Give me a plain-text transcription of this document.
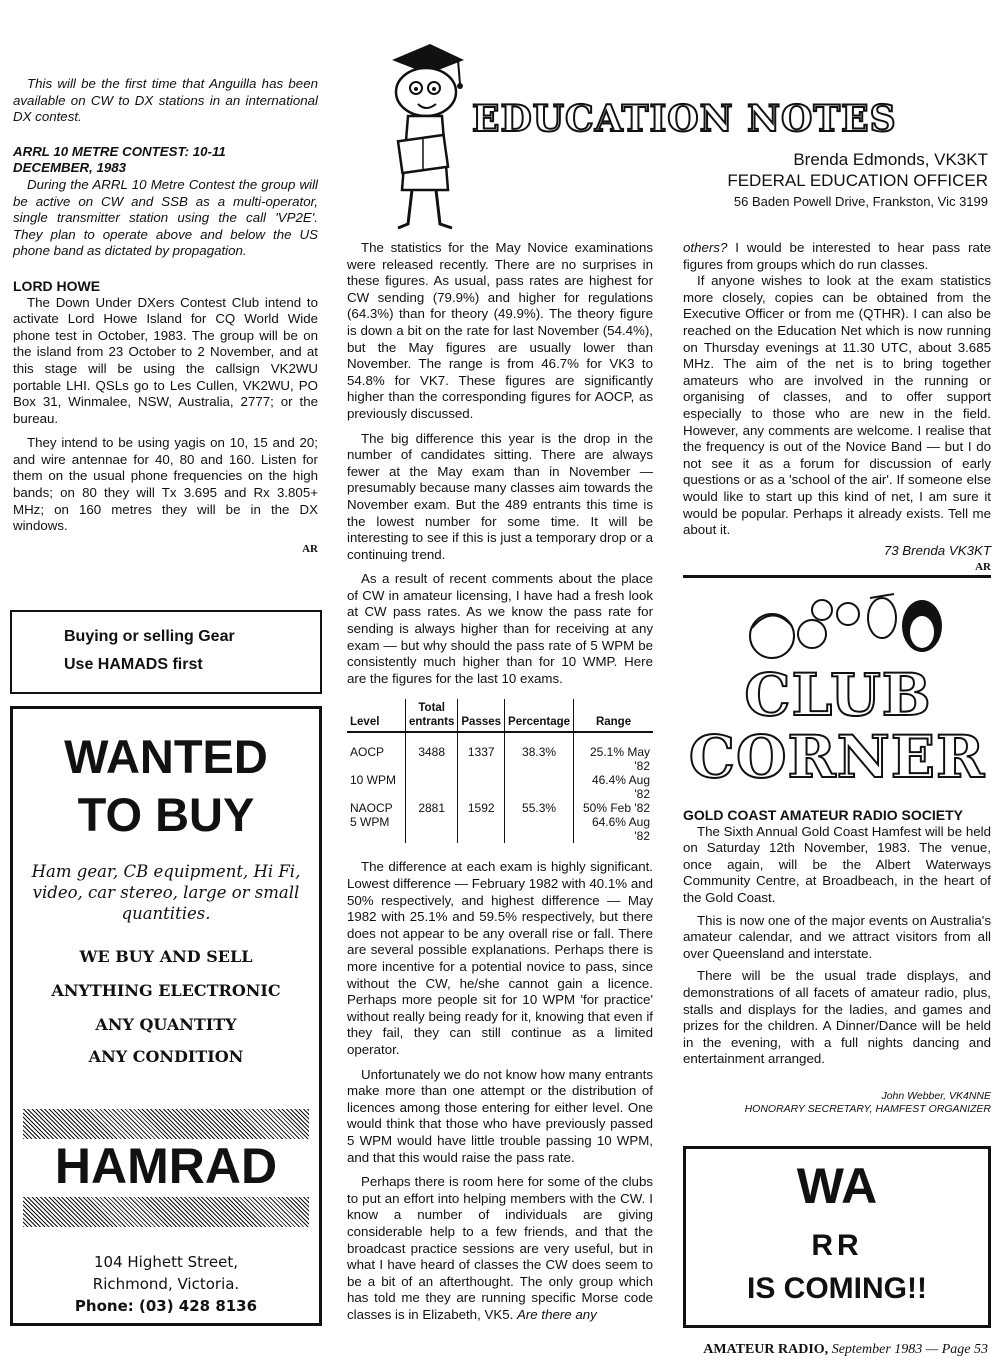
This will be the first time that Anguilla has been available on CW to DX stations in an international DX contest.

ARRL 10 METRE CONTEST: 10-11 DECEMBER, 1983

During the ARRL 10 Metre Contest the group will be active on CW and SSB as a multi-operator, single transmitter station using the call 'VP2E'. They plan to operate above and below the US phone band as dictated by propagation.

LORD HOWE

The Down Under DXers Contest Club intend to activate Lord Howe Island for CQ World Wide phone test in October, 1983. The group will be on the island from 23 October to 2 November, and at this stage will be using the callsign VK2WU portable LHI. QSLs go to Les Cullen, VK2WU, PO Box 31, Winmalee, NSW, Australia, 2777; or the bureau.

They intend to be using yagis on 10, 15 and 20; and wire antennae for 40, 80 and 160. Listen for them on the usual phone frequencies on the high bands; on 80 they will Tx 3.695 and Rx 3.805+ MHz; on 160 metres they will be in the DX windows.

AR

Buying or selling Gear
Use HAMADS first
WANTED
TO BUY
Ham gear, CB equipment, Hi Fi, video, car stereo, large or small quantities.
WE BUY AND SELL
ANYTHING ELECTRONIC
ANY QUANTITY
ANY CONDITION
HAMRAD
104 Highett Street,
Richmond, Victoria.
Phone: (03) 428 8136
EDUCATION NOTES
Brenda Edmonds, VK3KT
FEDERAL EDUCATION OFFICER
56 Baden Powell Drive, Frankston, Vic 3199

The statistics for the May Novice examinations were released recently. There are no surprises in these figures. As usual, pass rates are highest for CW sending (79.9%) and higher for regulations (64.3%) than for theory (49.9%). The theory figure is down a bit on the rate for last November (54.4%), but the May figures are usually lower than November. The range is from 46.7% for VK3 to 54.8% for VK7. These figures are significantly higher than the corresponding figures for AOCP, as previously discussed.

The big difference this year is the drop in the number of candidates sitting. There are always fewer at the May exam than in November — presumably because many classes aim towards the November exam. But the 489 entrants this time is the lowest number for some time. It will be interesting to see if this is just a temporary drop or a continuing trend.

As a result of recent comments about the place of CW in amateur licensing, I have had a fresh look at CW pass rates. As we know the pass rate for sending is always higher than for receiving at any exam — but why should the pass rate of 5 WPM be consistently much higher than for 10 WMP. Here are the figures for the last 10 exams.

Level	Total entrants	Passes	Percentage	Range
AOCP	3488	1337	38.3%	25.1% May '82
10 WPM				46.4% Aug '82
NAOCP	2881	1592	55.3%	50% Feb '82
5 WPM				64.6% Aug '82

The difference at each exam is highly significant. Lowest difference — February 1982 with 40.1% and 50% respectively, and highest difference — May 1982 with 25.1% and 59.5% respectively, but there does not appear to be any overall rise or fall. There are several possible explanations. Perhaps there is more incentive for a potential novice to pass, since without the CW, he/she cannot gain a licence. Perhaps more people sit for 10 WPM 'for practice' without really being ready for it, knowing that even if they fail, they can still continue as a limited operator.

Unfortunately we do not know how many entrants make more than one attempt or the distribution of licences among those entering for either level. One would think that those who have previously passed 5 WPM would have little trouble passing 10 WPM, and that this would raise the pass rate.

Perhaps there is room here for some of the clubs to put an effort into helping members with the CW. I know a number of individuals are giving considerable help to a few friends, and that the broadcast practice sessions are very useful, but in what I have heard of classes the CW does seem to be a bit of an afterthought. The only group which has told me they are running specific Morse code classes is in Elizabeth, VK5. Are there any

others? I would be interested to hear pass rate figures from groups which do run classes.

If anyone wishes to look at the exam statistics more closely, copies can be obtained from the Executive Officer or from me (QTHR). I can also be reached on the Education Net which is now running on Thursday evenings at 11.30 UTC, about 3.685 MHz. The aim of the net is to bring together amateurs who are involved in the running or organising of classes, and to offer support especially to those who are new in the field. However, any comments are welcome. I realise that the frequency is out of the Novice Band — but I do not see it as a forum for discussion of early questions or as a 'school of the air'. If someone else would like to start up this kind of net, I am sure it would be popular. Perhaps it already exists. Tell me about it.

73 Brenda VK3KT

AR

CLUB
CORNER

GOLD COAST AMATEUR RADIO SOCIETY

The Sixth Annual Gold Coast Hamfest will be held on Saturday 12th November, 1983. The venue, once again, will be the Albert Waterways Community Centre, at Broadbeach, in the heart of the Gold Coast.

This is now one of the major events on Australia's amateur calendar, and we attract visitors from all over Queensland and interstate.

There will be the usual trade displays, and demonstrations of all facets of amateur radio, plus, stalls and displays for the ladies, and games and prizes for the children. A Dinner/Dance will be held in the evening, with a full nights dancing and entertainment arranged.

John Webber, VK4NNE

HONORARY SECRETARY, HAMFEST ORGANIZER

WA
RR
IS COMING!!
AMATEUR RADIO, September 1983 — Page 53
